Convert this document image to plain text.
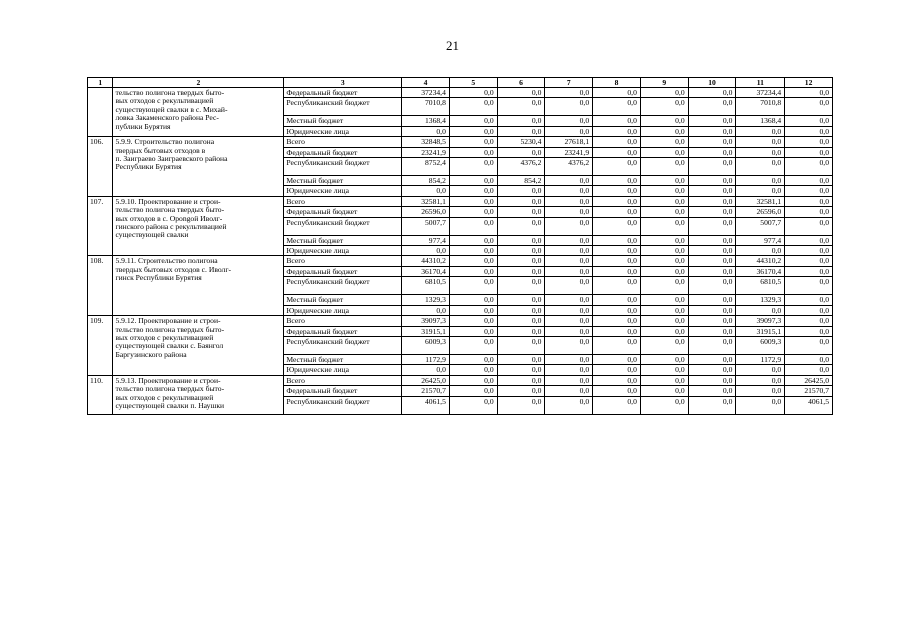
21
1	2	3	4	5	6	7	8	9	10	11	12
	тельство полигона твердых быто-
вых отходов с рекультивацией
существующей свалки в с. Михай-
ловка Закаменского района Рес-
публики Бурятия	Федеральный бюджет	37234,4	0,0	0,0	0,0	0,0	0,0	0,0	37234,4	0,0
		Республиканский бюджет	7010,8	0,0	0,0	0,0	0,0	0,0	0,0	7010,8	0,0
		Местный бюджет	1368,4	0,0	0,0	0,0	0,0	0,0	0,0	1368,4	0,0
		Юридические лица	0,0	0,0	0,0	0,0	0,0	0,0	0,0	0,0	0,0
106.	5.9.9. Строительство полигона
твердых бытовых отходов в
п. Заиграево Заиграевского района
Республики Бурятия	Всего	32848,5	0,0	5230,4	27618,1	0,0	0,0	0,0	0,0	0,0
		Федеральный бюджет	23241,9	0,0	0,0	23241,9	0,0	0,0	0,0	0,0	0,0
		Республиканский бюджет	8752,4	0,0	4376,2	4376,2	0,0	0,0	0,0	0,0	0,0
		Местный бюджет	854,2	0,0	854,2	0,0	0,0	0,0	0,0	0,0	0,0
		Юридические лица	0,0	0,0	0,0	0,0	0,0	0,0	0,0	0,0	0,0
107.	5.9.10. Проектирование и строи-
тельство полигона твердых быто-
вых отходов в с. Орongой Иволг-
гинского района с рекультивацией
существующей свалки	Всего	32581,1	0,0	0,0	0,0	0,0	0,0	0,0	32581,1	0,0
		Федеральный бюджет	26596,0	0,0	0,0	0,0	0,0	0,0	0,0	26596,0	0,0
		Республиканский бюджет	5007,7	0,0	0,0	0,0	0,0	0,0	0,0	5007,7	0,0
		Местный бюджет	977,4	0,0	0,0	0,0	0,0	0,0	0,0	977,4	0,0
		Юридические лица	0,0	0,0	0,0	0,0	0,0	0,0	0,0	0,0	0,0
108.	5.9.11. Строительство полигона
твердых бытовых отходов с. Иволг-
гинск Республики Бурятия	Всего	44310,2	0,0	0,0	0,0	0,0	0,0	0,0	44310,2	0,0
		Федеральный бюджет	36170,4	0,0	0,0	0,0	0,0	0,0	0,0	36170,4	0,0
		Республиканский бюджет	6810,5	0,0	0,0	0,0	0,0	0,0	0,0	6810,5	0,0
		Местный бюджет	1329,3	0,0	0,0	0,0	0,0	0,0	0,0	1329,3	0,0
		Юридические лица	0,0	0,0	0,0	0,0	0,0	0,0	0,0	0,0	0,0
109.	5.9.12. Проектирование и строи-
тельство полигона твердых быто-
вых отходов с рекультивацией
существующей свалки с. Баянгол
Баргузинского района	Всего	39097,3	0,0	0,0	0,0	0,0	0,0	0,0	39097,3	0,0
		Федеральный бюджет	31915,1	0,0	0,0	0,0	0,0	0,0	0,0	31915,1	0,0
		Республиканский бюджет	6009,3	0,0	0,0	0,0	0,0	0,0	0,0	6009,3	0,0
		Местный бюджет	1172,9	0,0	0,0	0,0	0,0	0,0	0,0	1172,9	0,0
		Юридические лица	0,0	0,0	0,0	0,0	0,0	0,0	0,0	0,0	0,0
110.	5.9.13. Проектирование и строи-
тельство полигона твердых быто-
вых отходов с рекультивацией
существующей свалки п. Наушки	Всего	26425,0	0,0	0,0	0,0	0,0	0,0	0,0	0,0	26425,0
		Федеральный бюджет	21570,7	0,0	0,0	0,0	0,0	0,0	0,0	0,0	21570,7
		Республиканский бюджет	4061,5	0,0	0,0	0,0	0,0	0,0	0,0	0,0	4061,5
